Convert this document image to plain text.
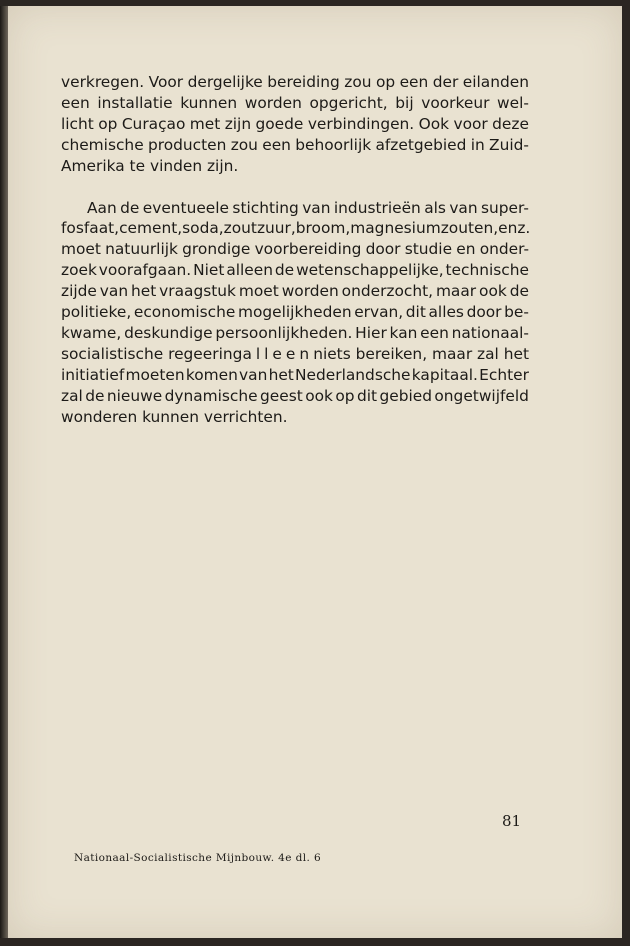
verkregen. Voor dergelijke bereiding zou op een der eilanden
een installatie kunnen worden opgericht, bij voorkeur wel-
licht op Curaçao met zijn goede verbindingen. Ook voor deze
chemische producten zou een behoorlijk afzetgebied in Zuid-
Amerika te vinden zijn.
Aan de eventueele stichting van industrieën als van super-
fosfaat, cement, soda, zoutzuur, broom, magnesiumzouten, enz.
moet natuurlijk grondige voorbereiding door studie en onder-
zoek voorafgaan. Niet alleen de wetenschappelijke, technische
zijde van het vraagstuk moet worden onderzocht, maar ook de
politieke, economische mogelijkheden ervan, dit alles door be-
kwame, deskundige persoonlijkheden. Hier kan een nationaal-
socialistische regeering alleen niets bereiken, maar zal het
initiatief moeten komen van het Nederlandsche kapitaal. Echter
zal de nieuwe dynamische geest ook op dit gebied ongetwijfeld
wonderen kunnen verrichten.
81
Nationaal-Socialistische Mijnbouw. 4e dl. 6
